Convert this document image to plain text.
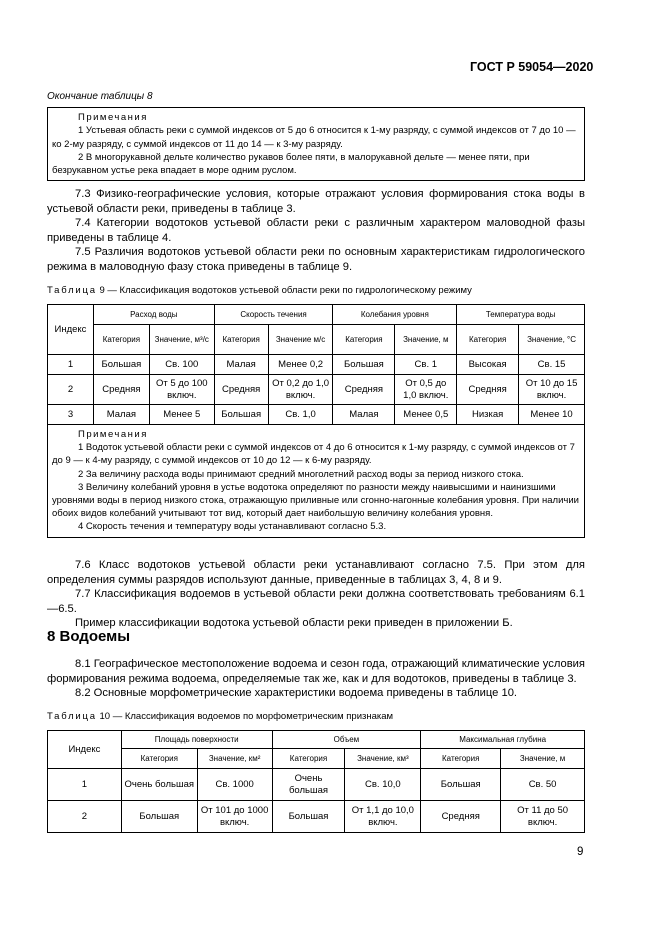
ГОСТ Р 59054—2020
Окончание таблицы 8
Примечания
1 Устьевая область реки с суммой индексов от 5 до 6 относится к 1-му разряду, с суммой индексов от 7 до 10 — ко 2-му разряду, с суммой индексов от 11 до 14 — к 3-му разряду.
2 В многорукавной дельте количество рукавов более пяти, в малорукавной дельте — менее пяти, при безрукавном устье река впадает в море одним руслом.

7.3 Физико-географические условия, которые отражают условия формирования стока воды в устьевой области реки, приведены в таблице 3.

7.4 Категории водотоков устьевой области реки с различным характером маловодной фазы приведены в таблице 4.

7.5 Различия водотоков устьевой области реки по основным характеристикам гидрологического режима в маловодную фазу стока приведены в таблице 9.

Таблица 9 — Классификация водотоков устьевой области реки по гидрологическому режиму
Индекс	Расход воды		Скорость течения		Колебания уровня		Температура воды	
	Категория	Значение, м³/с	Категория	Значение м/с	Категория	Значение, м	Категория	Значение, °С
1	Большая	Св. 100	Малая	Менее 0,2	Большая	Св. 1	Высокая	Св. 15
2	Средняя	От 5 до 100 включ.	Средняя	От 0,2 до 1,0 включ.	Средняя	От 0,5 до 1,0 включ.	Средняя	От 10 до 15 включ.
3	Малая	Менее 5	Большая	Св. 1,0	Малая	Менее 0,5	Низкая	Менее 10

Примечания
1 Водоток устьевой области реки с суммой индексов от 4 до 6 относится к 1-му разряду, с суммой индексов от 7 до 9 — к 4-му разряду, с суммой индексов от 10 до 12 — к 6-му разряду.
2 За величину расхода воды принимают средний многолетний расход воды за период низкого стока.
3 Величину колебаний уровня в устье водотока определяют по разности между наивысшими и наинизшими уровнями воды в период низкого стока, отражающую приливные или сгонно-нагонные колебания уровня. При наличии обоих видов колебаний учитывают тот вид, который дает наибольшую величину колебания уровня.
4 Скорость течения и температуру воды устанавливают согласно 5.3.								

7.6 Класс водотоков устьевой области реки устанавливают согласно 7.5. При этом для определения суммы разрядов используют данные, приведенные в таблицах 3, 4, 8 и 9.

7.7 Классификация водоемов в устьевой области реки должна соответствовать требованиям 6.1—6.5.

Пример классификации водотока устьевой области реки приведен в приложении Б.

8 Водоемы

8.1 Географическое местоположение водоема и сезон года, отражающий климатические условия формирования режима водоема, определяемые так же, как и для водотоков, приведены в таблице 3.

8.2 Основные морфометрические характеристики водоема приведены в таблице 10.

Таблица 10 — Классификация водоемов по морфометрическим признакам
Индекс	Площадь поверхности		Объем		Максимальная глубина	
	Категория	Значение, км²	Категория	Значение, км³	Категория	Значение, м
1	Очень большая	Св. 1000	Очень большая	Св. 10,0	Большая	Св. 50
2	Большая	От 101 до 1000 включ.	Большая	От 1,1 до 10,0 включ.	Средняя	От 11 до 50 включ.
9
